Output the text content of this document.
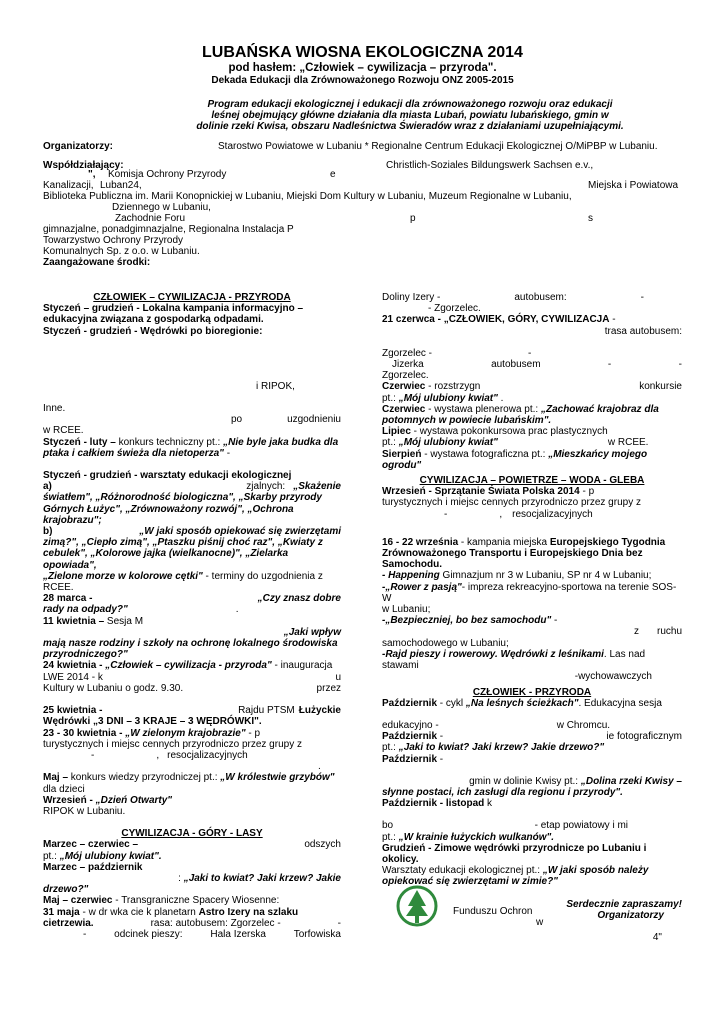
LUBAŃSKA WIOSNA EKOLOGICZNA 2014
pod hasłem: „Człowiek – cywilizacja – przyroda".
Dekada Edukacji dla Zrównoważonego Rozwoju ONZ 2005-2015
Program edukacji ekologicznej i edukacji dla zrównoważonego rozwoju oraz edukacji
leśnej obejmujący główne działania dla miasta Lubań, powiatu lubańskiego, gmin w
dolinie rzeki Kwisa, obszaru Nadleśnictwa Świeradów wraz z działaniami uzupełniającymi.
Organizatorzy:	Starostwo Powiatowe w Lubaniu * Regionalne Centrum Edukacji Ekologicznej O/MiPBP w Lubaniu.
Współdziałający:	Christlich-Soziales Bildungswerk Sachsen e.v.,
", Komisja Ochrony Przyrody	e
Kanalizacji, Luban24,	Miejska i Powiatowa
Biblioteka Publiczna im. Marii Konopnickiej w Lubaniu, Miejski Dom Kultury w Lubaniu, Muzeum Regionalne w Lubaniu,
Dziennego w Lubaniu,
Zachodnie Foru	p	s
gimnazjalne, ponadgimnazjalne, Regionalna Instalacja P
Towarzystwo Ochrony Przyrody
Komunalnych Sp. z o.o. w Lubaniu.
Zaangażowane środki:
CZŁOWIEK – CYWILIZACJA - PRZYRODA
Styczeń – grudzień - Lokalna kampania informacyjno –
edukacyjna związana z gospodarką odpadami.
Styczeń - grudzień - Wędrówki po bioregionie:
i RIPOK,
Inne.
po	uzgodnieniu
w RCEE.
Styczeń - luty – konkurs techniczny pt.: „Nie byle jaka budka dla
ptaka i całkiem świeża dla nietoperza" -
Styczeń - grudzień - warsztaty edukacji ekologicznej
a)	zjalnych: „Skażenie
światłem", „Różnorodność biologiczna", „Skarby przyrody
Górnych Łużyc", „Zrównoważony rozwój", „Ochrona
krajobrazu";
b)	„W jaki sposób opiekować się zwierzętami
zimą?", „Ciepło zimą", „Ptaszku piśnij choć raz", „Kwiaty z
cebulek", „Kolorowe jajka (wielkanocne)", „Zielarka opowiada",
„Zielone morze w kolorowe cętki" - terminy do uzgodnienia z
RCEE.
28 marca -	„Czy znasz dobre
rady na odpady?"	.
11 kwietnia – Sesja M
„Jaki wpływ
mają nasze rodziny i szkoły na ochronę lokalnego środowiska
przyrodniczego?"
24 kwietnia - „Człowiek – cywilizacja - przyroda" - inauguracja
LWE 2014 - k	u
Kultury w Lubaniu o godz. 9.30.	przez
25 kwietnia -	Rajdu PTSM Łużyckie
Wędrówki „3 DNI – 3 KRAJE – 3 WĘDRÓWKI".
23 - 30 kwietnia - „W zielonym krajobrazie" - p
turystycznych i miejsc cennych przyrodniczo przez grupy z
-	, resocjalizacyjnych
.
Maj – konkurs wiedzy przyrodniczej pt.: „W królestwie grzybów"
dla dzieci
Wrzesień - „Dzień Otwarty"
RIPOK w Lubaniu.
CYWILIZACJA - GÓRY - LASY
Marzec – czerwiec –	odszych
pt.: „Mój ulubiony kwiat".
Marzec – październik
: „Jaki to kwiat? Jaki krzew? Jakie
drzewo?"
Maj – czerwiec - Transgraniczne Spacery Wiosenne:
31 maja - w dr wka cie k planetarn Astro Izery na szlaku
cietrzewia.	rasa: autobusem: Zgorzelec -	-
-	odcinek pieszy:	Hala Izerska	Torfowiska
Doliny Izery -	autobusem:	-
- Zgorzelec.
21 czerwca - „CZŁOWIEK, GÓRY, CYWILIZACJA -
trasa autobusem:
Zgorzelec -	-
Jizerka	autobusem	-	-
Zgorzelec.
Czerwiec - rozstrzygn	konkursie
pt.: „Mój ulubiony kwiat" .
Czerwiec - wystawa plenerowa pt.: „Zachować krajobraz dla
potomnych w powiecie lubańskim".
Lipiec - wystawa pokonkursowa prac plastycznych
pt.: „Mój ulubiony kwiat"	w RCEE.
Sierpień - wystawa fotograficzna pt.: „Mieszkańcy mojego
ogrodu"
CYWILIZACJA – POWIETRZE – WODA - GLEBA
Wrzesień - Sprzątanie Świata Polska 2014 - p
turystycznych i miejsc cennych przyrodniczo przez grupy z
-	, resocjalizacyjnych
16 - 22 września - kampania miejska Europejskiego Tygodnia
Zrównoważonego Transportu i Europejskiego Dnia bez
Samochodu.
- Happening Gimnazjum nr 3 w Lubaniu, SP nr 4 w Lubaniu;
-„Rower z pasją"- impreza rekreacyjno-sportowa na terenie SOS-W
w Lubaniu;
-„Bezpieczniej, bo bez samochodu" -
z ruchu
samochodowego w Lubaniu;
-Rajd pieszy i rowerowy. Wędrówki z leśnikami. Las nad stawami
-wychowawczych
CZŁOWIEK - PRZYRODA
Październik - cykl „Na leśnych ścieżkach". Edukacyjna sesja
edukacyjno -	w Chromcu.
Październik -	ie fotograficznym
pt.: „Jaki to kwiat? Jaki krzew? Jakie drzewo?"
Październik -
gmin w dolinie Kwisy pt.: „Dolina rzeki Kwisy –
słynne postaci, ich zasługi dla regionu i przyrody".
Październik - listopad k
bo	- etap powiatowy i mi
pt.: „W krainie łużyckich wulkanów".
Grudzień - Zimowe wędrówki przyrodnicze po Lubaniu i okolicy.
Warsztaty edukacji ekologicznej pt.: „W jaki sposób należy
opiekować się zwierzętami w zimie?"
Serdecznie zapraszamy!
Organizatorzy
4"
Funduszu Ochron
w
